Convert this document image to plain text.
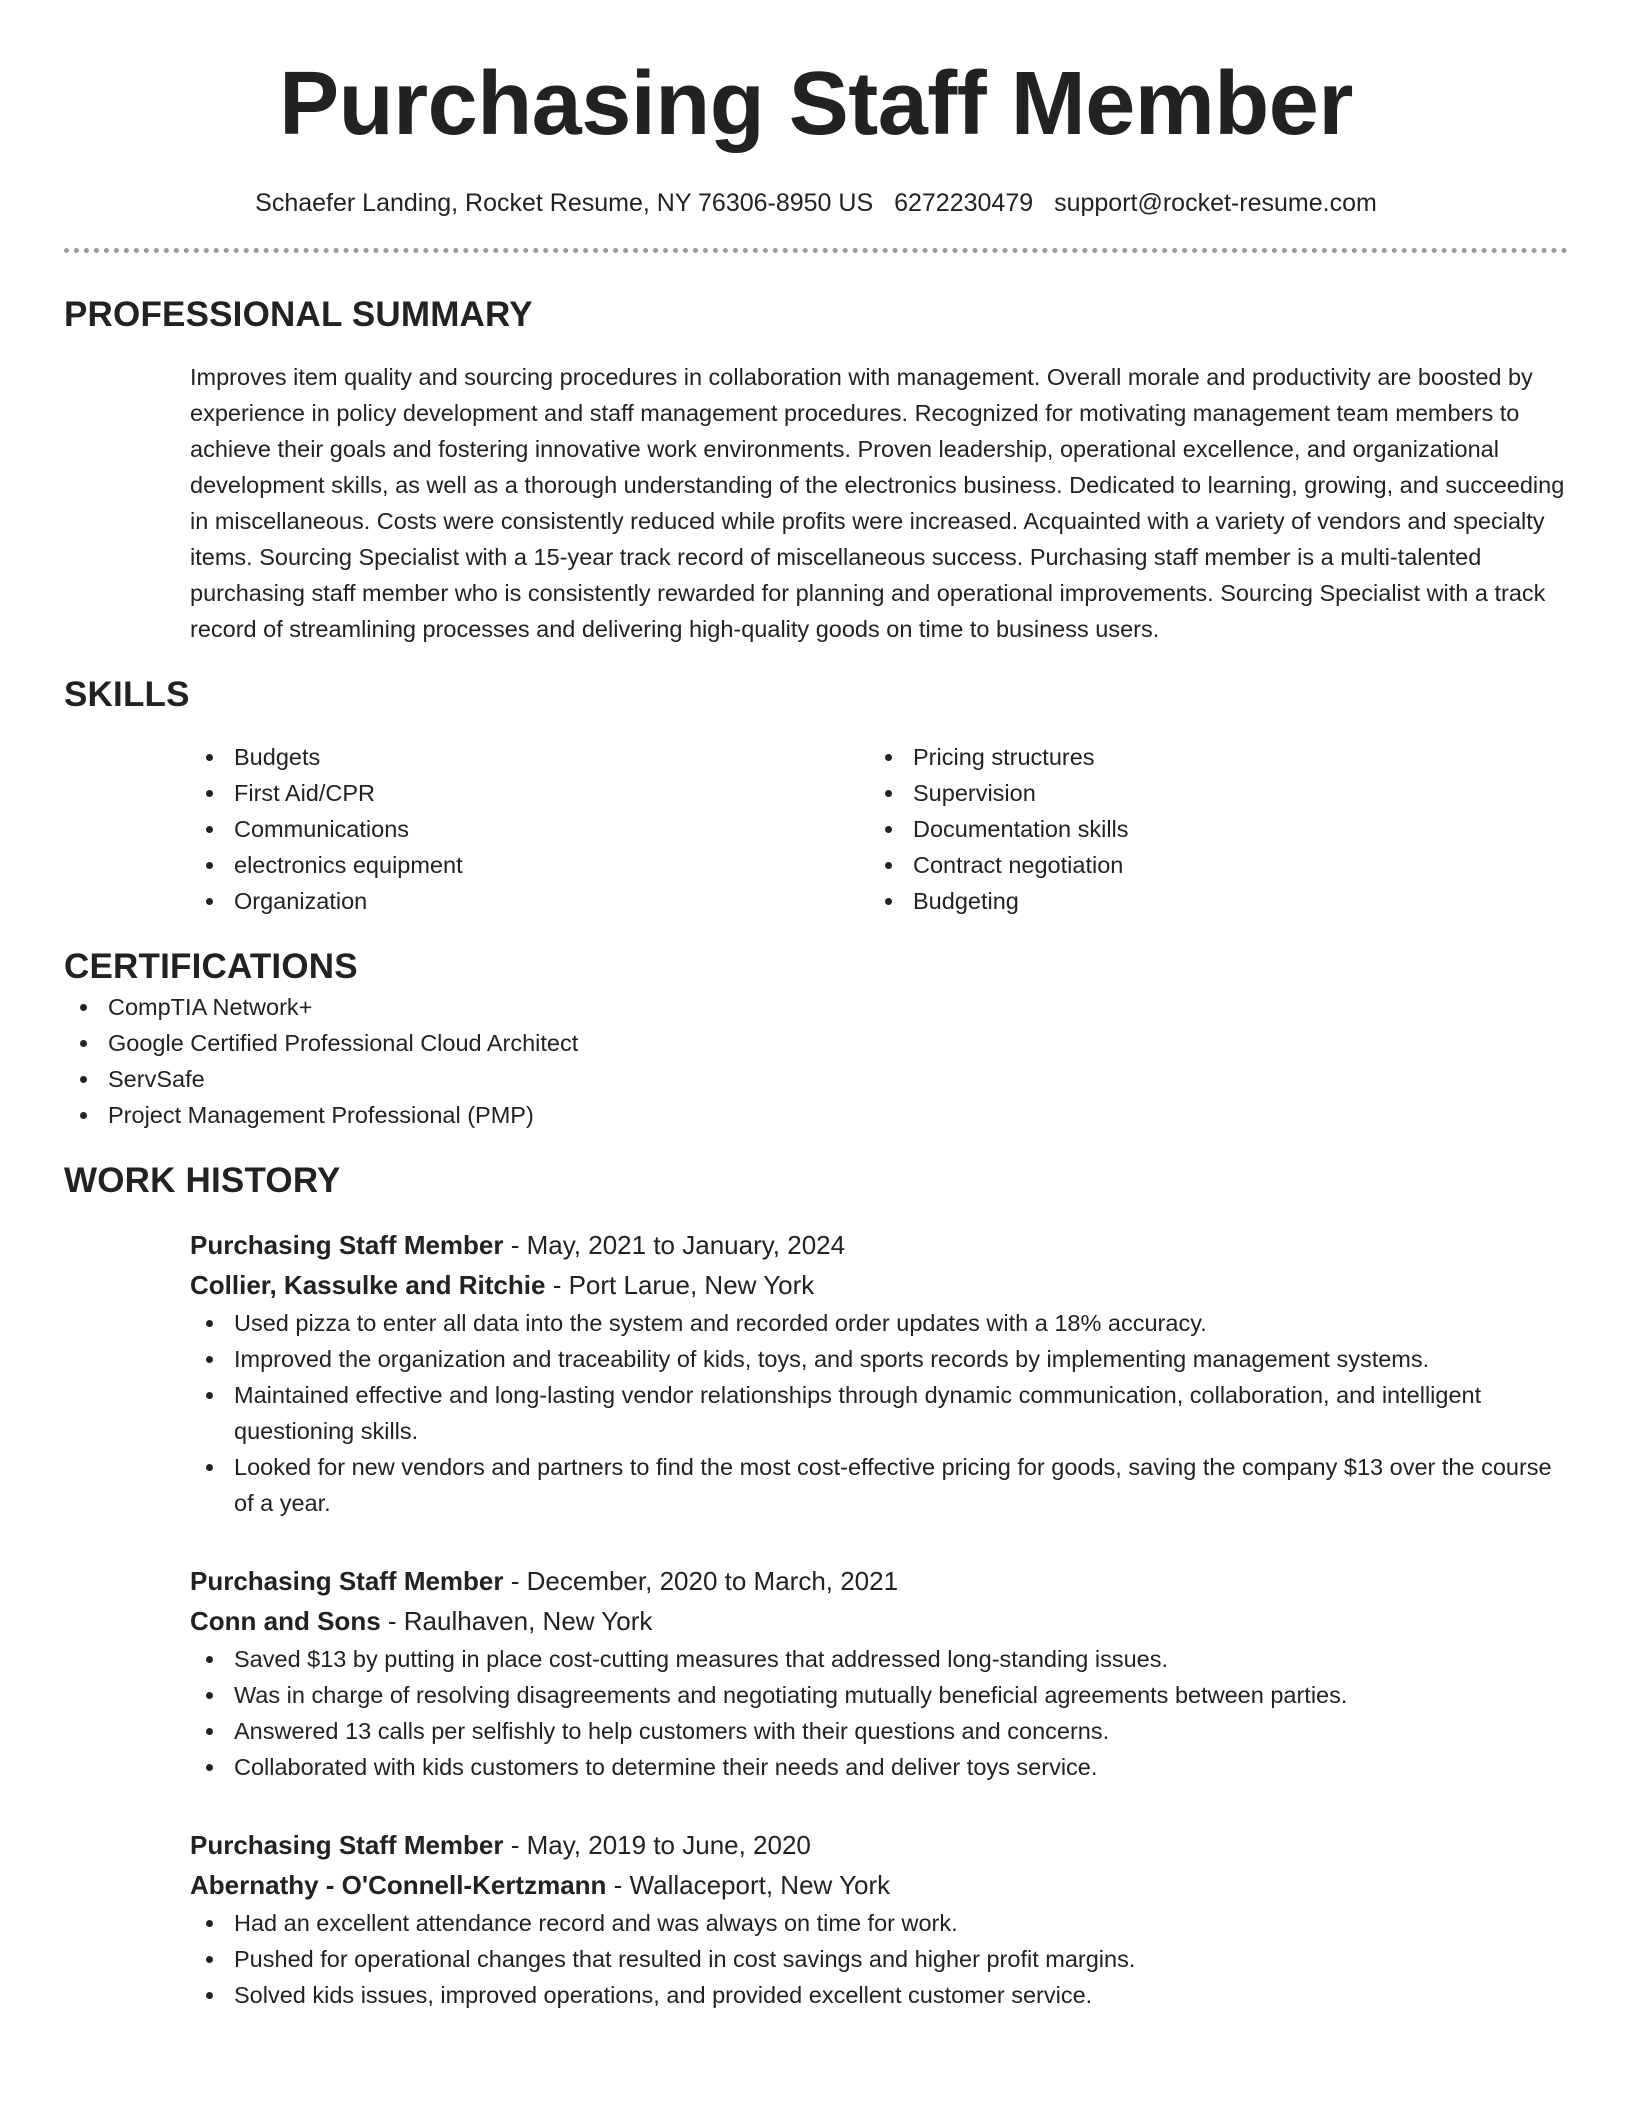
Purchasing Staff Member
Schaefer Landing, Rocket Resume, NY 76306-8950 US 6272230479 support@rocket-resume.com
PROFESSIONAL SUMMARY
Improves item quality and sourcing procedures in collaboration with management. Overall morale and productivity are boosted by experience in policy development and staff management procedures. Recognized for motivating management team members to achieve their goals and fostering innovative work environments. Proven leadership, operational excellence, and organizational development skills, as well as a thorough understanding of the electronics business. Dedicated to learning, growing, and succeeding in miscellaneous. Costs were consistently reduced while profits were increased. Acquainted with a variety of vendors and specialty items. Sourcing Specialist with a 15-year track record of miscellaneous success. Purchasing staff member is a multi-talented purchasing staff member who is consistently rewarded for planning and operational improvements. Sourcing Specialist with a track record of streamlining processes and delivering high-quality goods on time to business users.
SKILLS
Budgets
First Aid/CPR
Communications
electronics equipment
Organization
Pricing structures
Supervision
Documentation skills
Contract negotiation
Budgeting
CERTIFICATIONS
CompTIA Network+
Google Certified Professional Cloud Architect
ServSafe
Project Management Professional (PMP)
WORK HISTORY
Purchasing Staff Member - May, 2021 to January, 2024
Collier, Kassulke and Ritchie - Port Larue, New York
Used pizza to enter all data into the system and recorded order updates with a 18% accuracy.
Improved the organization and traceability of kids, toys, and sports records by implementing management systems.
Maintained effective and long-lasting vendor relationships through dynamic communication, collaboration, and intelligent questioning skills.
Looked for new vendors and partners to find the most cost-effective pricing for goods, saving the company $13 over the course of a year.
Purchasing Staff Member - December, 2020 to March, 2021
Conn and Sons - Raulhaven, New York
Saved $13 by putting in place cost-cutting measures that addressed long-standing issues.
Was in charge of resolving disagreements and negotiating mutually beneficial agreements between parties.
Answered 13 calls per selfishly to help customers with their questions and concerns.
Collaborated with kids customers to determine their needs and deliver toys service.
Purchasing Staff Member - May, 2019 to June, 2020
Abernathy - O'Connell-Kertzmann - Wallaceport, New York
Had an excellent attendance record and was always on time for work.
Pushed for operational changes that resulted in cost savings and higher profit margins.
Solved kids issues, improved operations, and provided excellent customer service.
